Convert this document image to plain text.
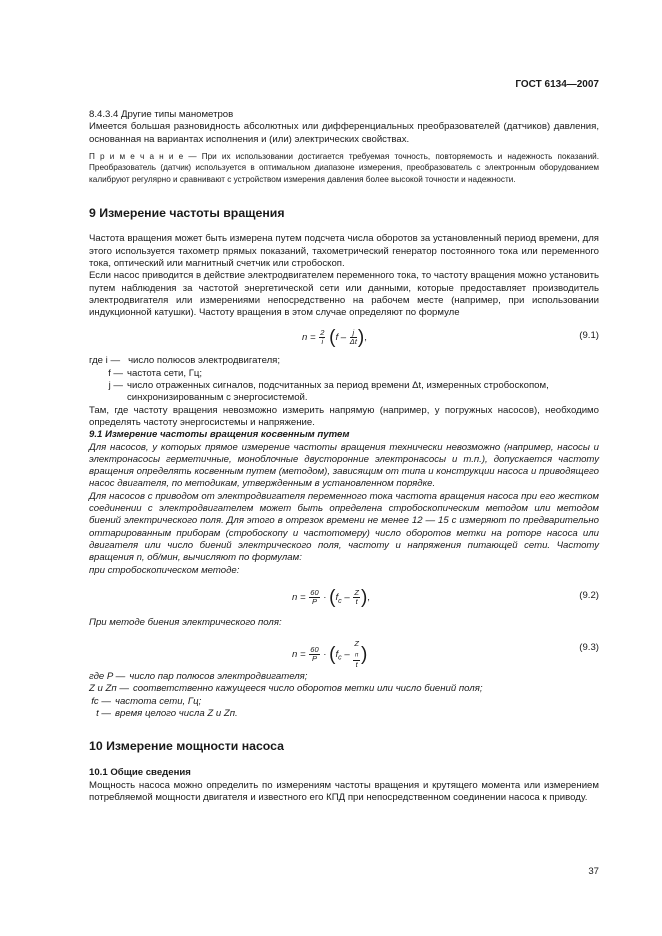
ГОСТ 6134—2007

8.4.3.4 Другие типы манометров

Имеется большая разновидность абсолютных или дифференциальных преобразователей (датчиков) давления, основанная на вариантах исполнения и (или) электрических свойствах.

П р и м е ч а н и е — При их использовании достигается требуемая точность, повторяемость и надежность показаний. Преобразователь (датчик) используется в оптимальном диапазоне измерения, преобразователь с электронным оборудованием калибруют регулярно и сравнивают с устройством измерения давления более высокой точности и надежности.

9 Измерение частоты вращения

Частота вращения может быть измерена путем подсчета числа оборотов за установленный период времени, для этого используется тахометр прямых показаний, тахометрический генератор постоянного тока или переменного тока, оптический или магнитный счетчик или стробоскоп.

Если насос приводится в действие электродвигателем переменного тока, то частоту вращения можно установить путем наблюдения за частотой энергетической сети или данными, которые предоставляет производитель электродвигателя или измерениями непосредственно на рабочем месте (например, при использовании индукционной катушки). Частоту вращения в этом случае определяют по формуле

$n = \frac{2}{i} (f - \frac{j}{\Delta t}$ ),	(9.1)
где i — число полюсов электродвигателя;
f — частота сети, Гц;
j — число отраженных сигналов, подсчитанных за период времени Δt, измеренных стробоскопом, синхронизированным с энергосистемой.

Там, где частоту вращения невозможно измерить напрямую (например, у погружных насосов), необходимо определять частоту энергосистемы и напряжение.

9.1 Измерение частоты вращения косвенным путем

Для насосов, у которых прямое измерение частоты вращения технически невозможно (например, насосы и электронасосы герметичные, моноблочные двусторонние электронасосы и т.п.), допускается частоту вращения определять косвенным путем (методом), зависящим от типа и конструкции насоса и приводящего насос двигателя, по методикам, утвержденным в установленном порядке.

Для насосов с приводом от электродвигателя переменного тока частота вращения насоса при его жестком соединении с электродвигателем может быть определена стробоскопическим методом или методом биений электрического поля. Для этого в отрезок времени не менее 12 — 15 с измеряют по предварительно оттарированным приборам (стробоскопу и частотомеру) число оборотов метки на роторе насоса или двигателя или число биений электрического поля, частоту и напряжения питающей сети. Частоту вращения n, об/мин, вычисляют по формулам:

при стробоскопическом методе:

$n = \frac{60}{P} \cdot (f_c - \frac{Z}{t}$ ),	(9.2)

При методе биения электрического поля:

$n = \frac{60}{P} \cdot (f_c - Z$
$_п$
t )	(9.3)
где P — число пар полюсов электродвигателя;
Z и Zп — соответственно кажущееся число оборотов метки или число биений поля;
fc — частота сети, Гц;
t — время целого числа Z и Zп.
10 Измерение мощности насоса

10.1 Общие сведения

Мощность насоса можно определить по измерениям частоты вращения и крутящего момента или измерением потребляемой мощности двигателя и известного его КПД при непосредственном соединении насоса к приводу.

37
